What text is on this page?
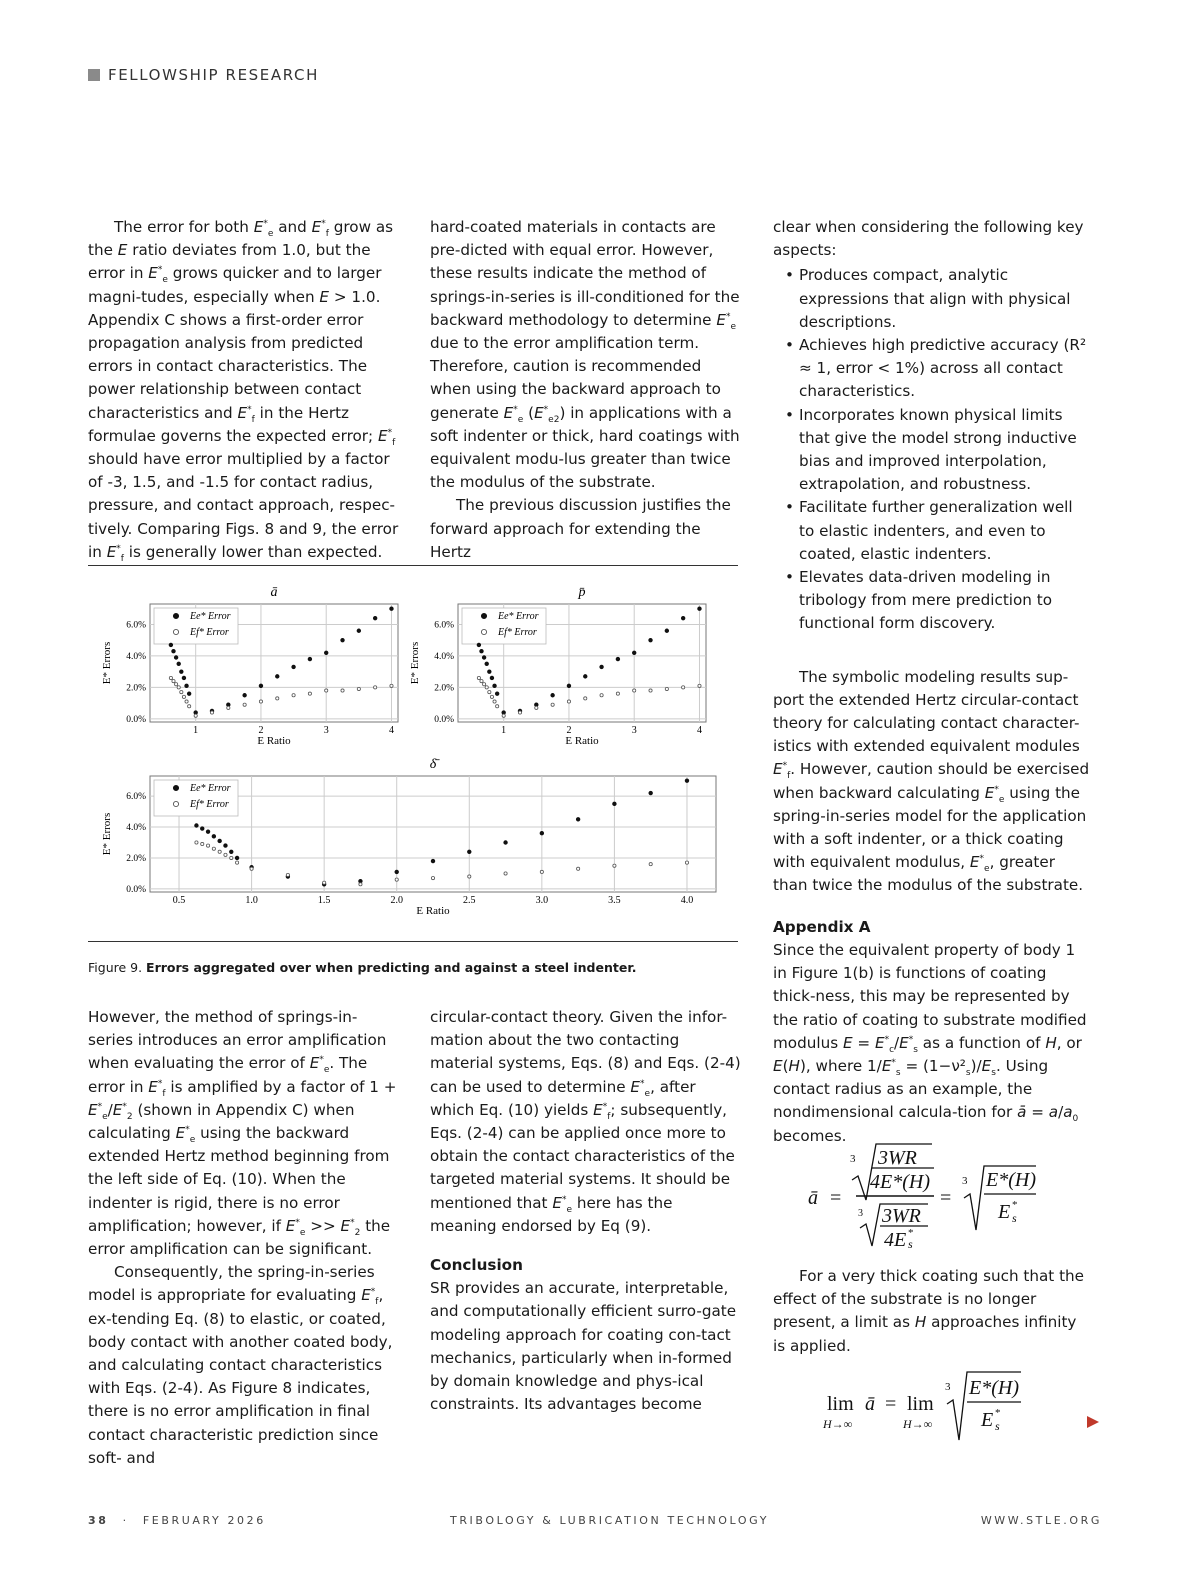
FELLOWSHIP RESEARCH

The error for both $E^*_e$ and $E^*_f$ grow as the E ratio deviates from 1.0, but the error in $E^*_e$ grows quicker and to larger magni-tudes, especially when E > 1.0. Appendix C shows a first-order error propagation analysis from predicted errors in contact characteristics. The power relationship between contact characteristics and $E^*_f$ in the Hertz formulae governs the expected error; $E^*_f$ should have error multiplied by a factor of -3, 1.5, and -1.5 for contact radius, pressure, and contact approach, respec-tively. Comparing Figs. 8 and 9, the error in $E^*_f$ is generally lower than expected.

hard-coated materials in contacts are pre-dicted with equal error. However, these results indicate the method of springs-in-series is ill-conditioned for the backward methodology to determine $E^*_e$ due to the error amplification term. Therefore, caution is recommended when using the backward approach to generate $E^*_e$ $(E^*_{e2})$ in applications with a soft indenter or thick, hard coatings with equivalent modu-lus greater than twice the modulus of the substrate.

The previous discussion justifies the forward approach for extending the Hertz

clear when considering the following key aspects:

• Produces compact, analytic expressions that align with physical descriptions.
• Achieves high predictive accuracy (R² ≈ 1, error < 1%) across all contact characteristics.
• Incorporates known physical limits that give the model strong inductive bias and improved interpolation, extrapolation, and robustness.
• Facilitate further generalization well to elastic indenters, and even to coated, elastic indenters.
• Elevates data-driven modeling in tribology from mere prediction to functional form discovery.

The symbolic modeling results sup-port the extended Hertz circular-contact theory for calculating contact character-istics with extended equivalent modules $E^*_f$. However, caution should be exercised when backward calculating $E^*_e$ using the spring-in-series model for the application with a soft indenter, or a thick coating with equivalent modulus, $E^*_e$, greater than twice the modulus of the substrate.

Appendix A

Since the equivalent property of body 1 in Figure 1(b) is functions of coating thick-ness, this may be represented by the ratio of coating to substrate modified modulus $E = E^*_c/E^*_s$ as a function of H, or E(H), where $1/E^*_s = (1-\nu^2_s)/E_s$. Using contact radius as an example, the nondimensional calcula-tion for ā = $a/a_0$ becomes.

ā =
3 3WR
4E*(H)
3 3WR
4E s
*
=
3 E*(H)
E s
*

For a very thick coating such that the effect of the substrate is no longer present, a limit as H approaches infinity is applied.

lim
H→∞
ā = lim
H→∞
3 E*(H)
E s
*
ā
1	2	3	4
0.0%
2.0%
4.0%
6.0%
E Ratio
E* Errors
Ee* Error
Ef* Error
p̄
1	2	3	4
0.0%
2.0%
4.0%
6.0%
E Ratio
E* Errors
Ee* Error
Ef* Error
δ̄
0.5	1.0	1.5	2.0	2.5	3.0	3.5	4.0
0.0%
2.0%
4.0%
6.0%
E Ratio
E* Errors
Ee* Error
Ef* Error
Figure 9. Errors aggregated over when predicting and against a steel indenter.

However, the method of springs-in-series introduces an error amplification when evaluating the error of $E^*_e$. The error in $E^*_f$ is amplified by a factor of $1 + E^*_e/E^*_2$ (shown in Appendix C) when calculating $E^*_e$ using the backward extended Hertz method beginning from the left side of Eq. (10). When the indenter is rigid, there is no error amplification; however, if $E^*_e >> E^*_2$ the error amplification can be significant.

Consequently, the spring-in-series model is appropriate for evaluating $E^*_f$, ex-tending Eq. (8) to elastic, or coated, body contact with another coated body, and calculating contact characteristics with Eqs. (2-4). As Figure 8 indicates, there is no error amplification in final contact characteristic prediction since soft- and

circular-contact theory. Given the infor-mation about the two contacting material systems, Eqs. (8) and Eqs. (2-4) can be used to determine $E^*_e$, after which Eq. (10) yields $E^*_f$; subsequently, Eqs. (2-4) can be applied once more to obtain the contact characteristics of the targeted material systems. It should be mentioned that $E^*_e$ here has the meaning endorsed by Eq (9).

Conclusion

SR provides an accurate, interpretable, and computationally efficient surro-gate modeling approach for coating con-tact mechanics, particularly when in-formed by domain knowledge and phys-ical constraints. Its advantages become

38 · FEBRUARY 2026	TRIBOLOGY & LUBRICATION TECHNOLOGY	WWW.STLE.ORG
